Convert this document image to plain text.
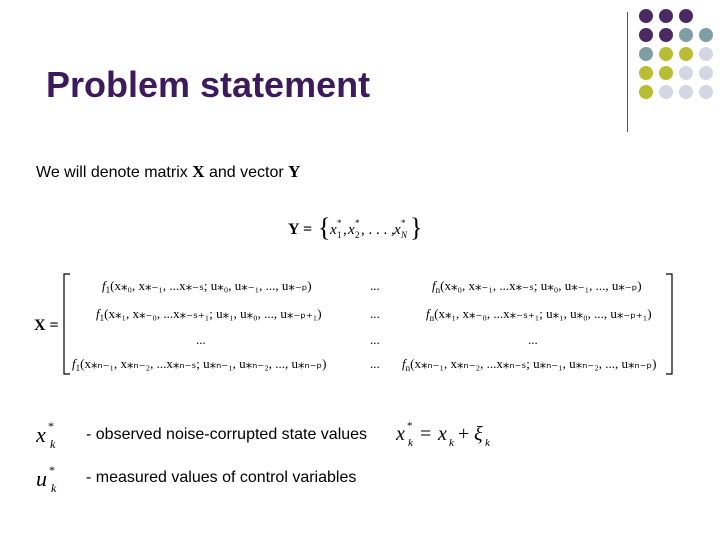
Problem statement
We will denote matrix X and vector Y
Y = { x *
1 , x *
2 , . . . , x *
N }
X =
$f_1(x⁎_0$, x⁎₋₁, ...x⁎₋ₛ; u⁎₀, u⁎₋₁, ..., u⁎₋ₚ)	...	$f_n(x⁎_0$, x⁎₋₁, ...x⁎₋ₛ; u⁎₀, u⁎₋₁, ..., u⁎₋ₚ)
$f_1(x⁎_1$, x⁎₋₀, ...x⁎₋ₛ₊₁; u⁎₁, u⁎₀, ..., u⁎₋ₚ₊₁)	...	$f_n(x⁎_1$, x⁎₋₀, ...x⁎₋ₛ₊₁; u⁎₁, u⁎₀, ..., u⁎₋ₚ₊₁)
...	...	...
$f_1(x⁎_{n-1}$, x⁎ₙ₋₂, ...x⁎ₙ₋ₛ; u⁎ₙ₋₁, u⁎ₙ₋₂, ..., u⁎ₙ₋ₚ)	... $f_n(x⁎_{n-1}$, x⁎ₙ₋₂, ...x⁎ₙ₋ₛ; u⁎ₙ₋₁, u⁎ₙ₋₂, ..., u⁎ₙ₋ₚ)
x *
k
- observed noise-corrupted state values x *
k = x k + ξ k
u *
k
- measured values of control variables
